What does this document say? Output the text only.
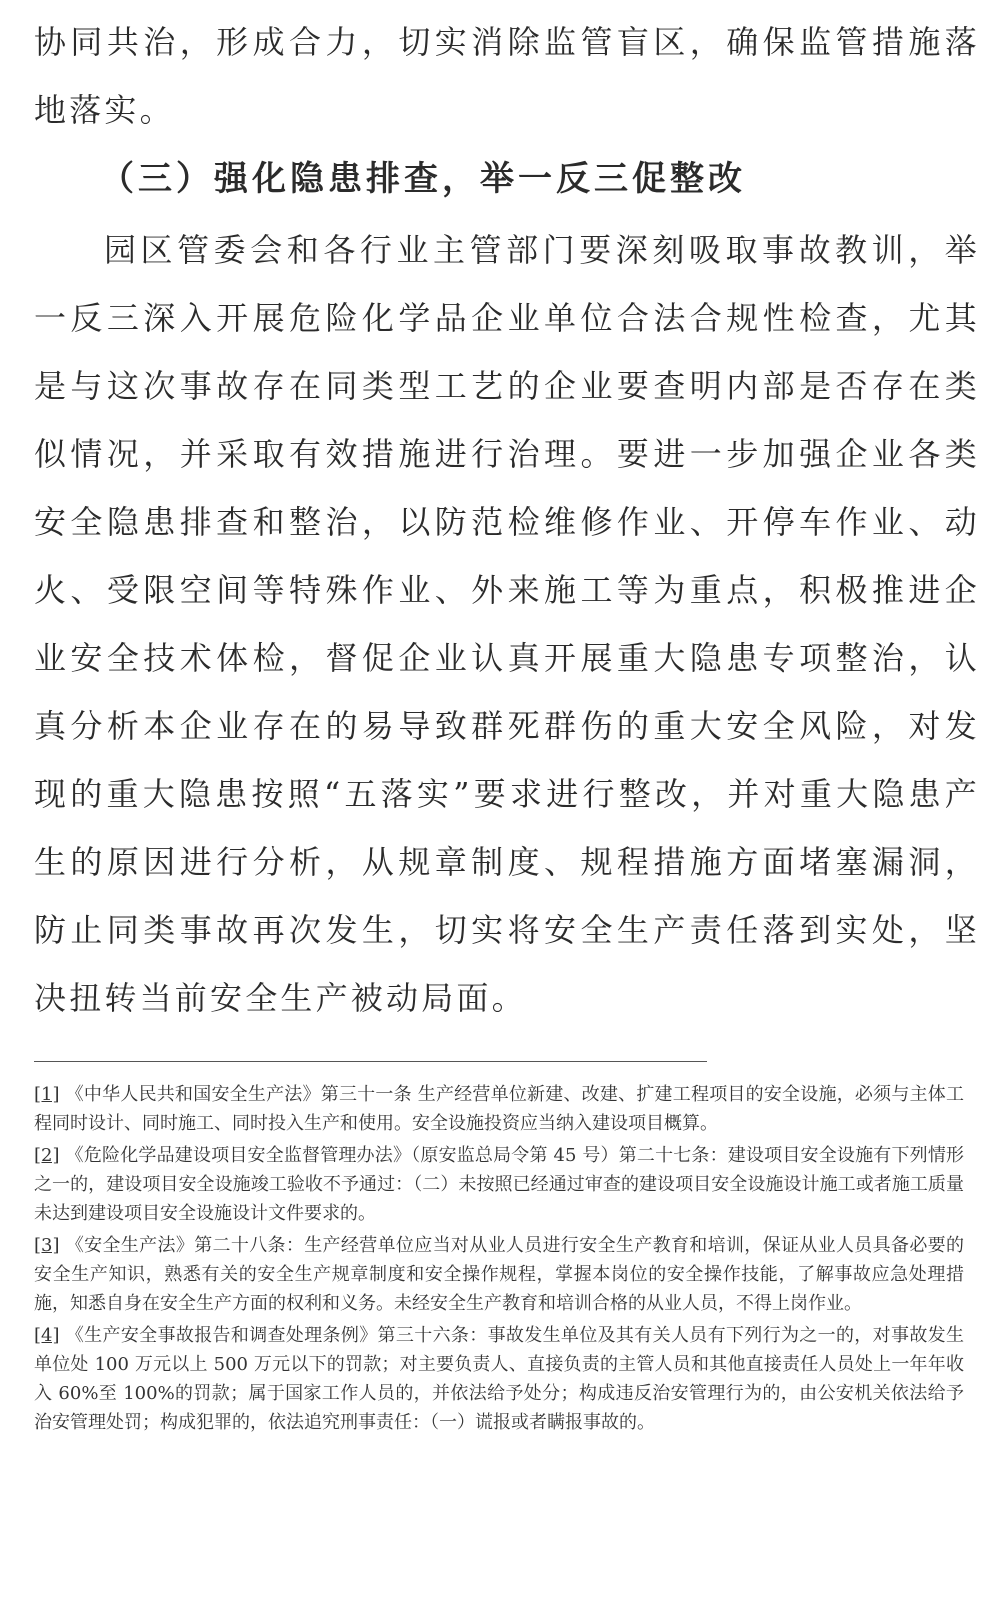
协同共治，形成合力，切实消除监管盲区，确保监管措施落地落实。

（三）强化隐患排查，举一反三促整改

园区管委会和各行业主管部门要深刻吸取事故教训，举一反三深入开展危险化学品企业单位合法合规性检查，尤其是与这次事故存在同类型工艺的企业要查明内部是否存在类似情况，并采取有效措施进行治理。要进一步加强企业各类安全隐患排查和整治，以防范检维修作业、开停车作业、动火、受限空间等特殊作业、外来施工等为重点，积极推进企业安全技术体检，督促企业认真开展重大隐患专项整治，认真分析本企业存在的易导致群死群伤的重大安全风险，对发现的重大隐患按照“五落实”要求进行整改，并对重大隐患产生的原因进行分析，从规章制度、规程措施方面堵塞漏洞，防止同类事故再次发生，切实将安全生产责任落到实处，坚决扭转当前安全生产被动局面。

[1] 《中华人民共和国安全生产法》第三十一条 生产经营单位新建、改建、扩建工程项目的安全设施，必须与主体工程同时设计、同时施工、同时投入生产和使用。安全设施投资应当纳入建设项目概算。

[2] 《危险化学品建设项目安全监督管理办法》（原安监总局令第 45 号）第二十七条：建设项目安全设施有下列情形之一的，建设项目安全设施竣工验收不予通过：（二）未按照已经通过审查的建设项目安全设施设计施工或者施工质量未达到建设项目安全设施设计文件要求的。

[3] 《安全生产法》第二十八条：生产经营单位应当对从业人员进行安全生产教育和培训，保证从业人员具备必要的安全生产知识，熟悉有关的安全生产规章制度和安全操作规程，掌握本岗位的安全操作技能，了解事故应急处理措施，知悉自身在安全生产方面的权利和义务。未经安全生产教育和培训合格的从业人员，不得上岗作业。

[4] 《生产安全事故报告和调查处理条例》第三十六条：事故发生单位及其有关人员有下列行为之一的，对事故发生单位处 100 万元以上 500 万元以下的罚款；对主要负责人、直接负责的主管人员和其他直接责任人员处上一年年收入 60%至 100%的罚款；属于国家工作人员的，并依法给予处分；构成违反治安管理行为的，由公安机关依法给予治安管理处罚；构成犯罪的，依法追究刑事责任：（一）谎报或者瞒报事故的。
